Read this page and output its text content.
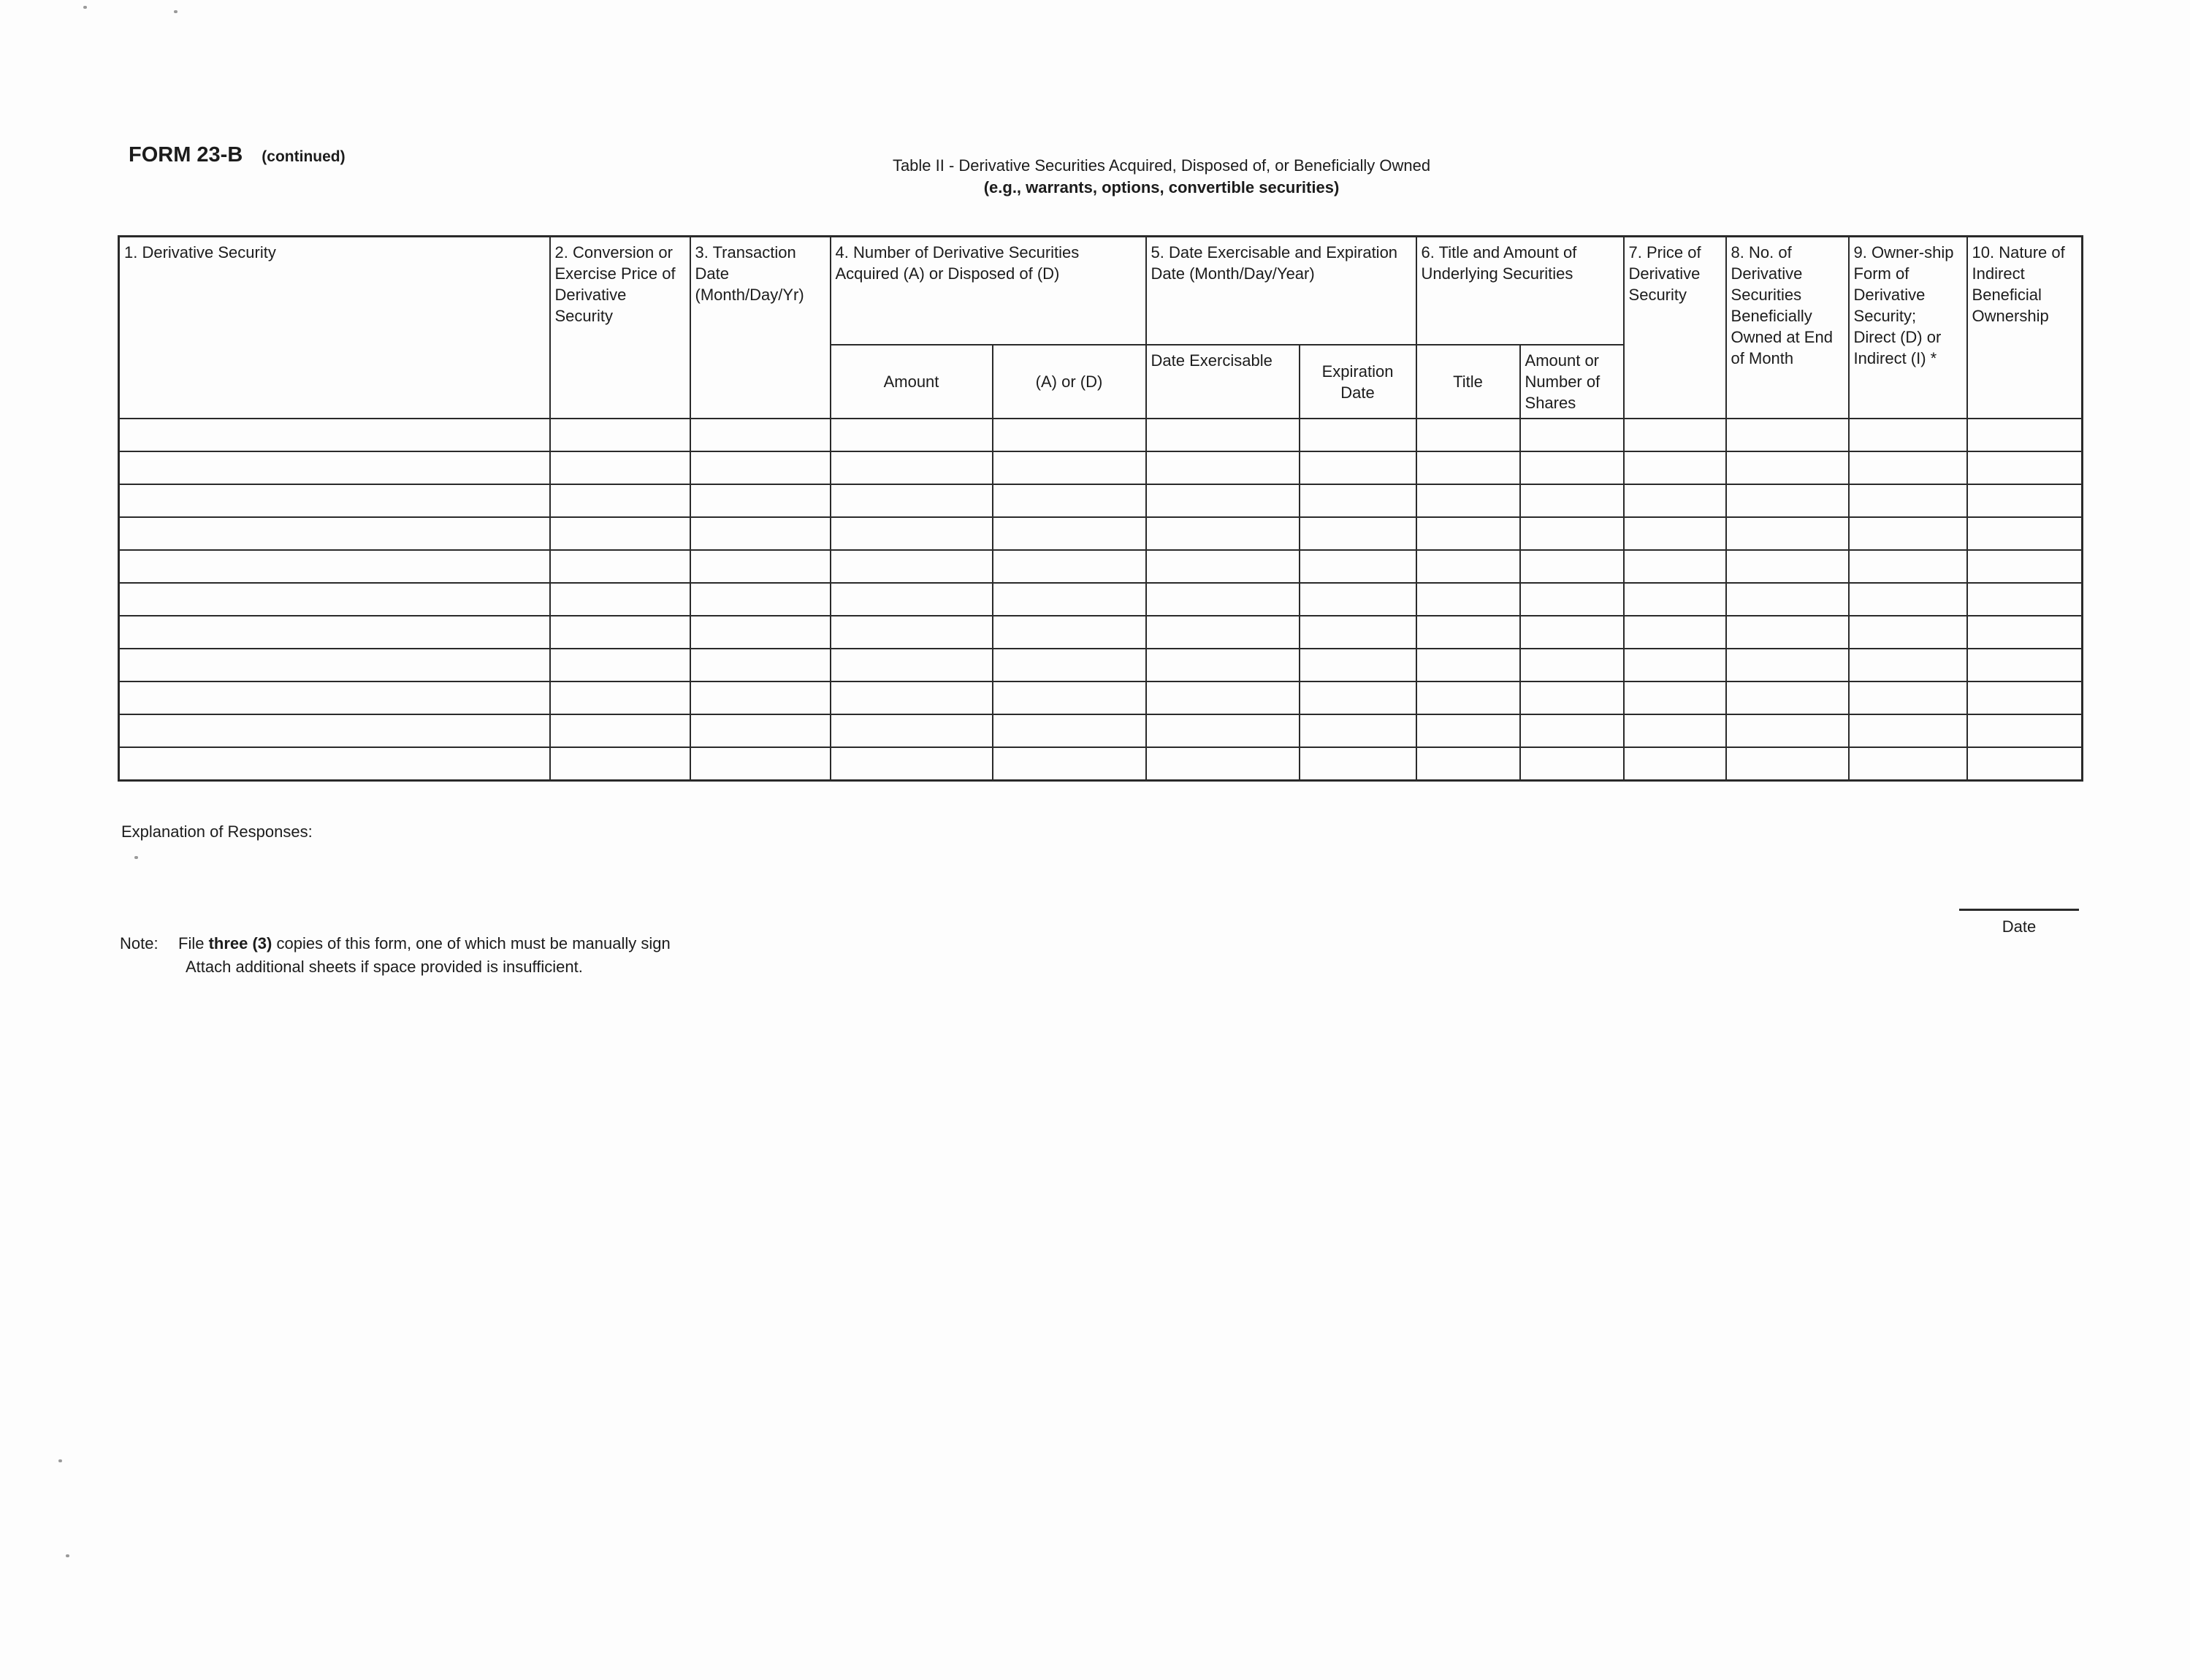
FORM 23-B (continued)	Table II - Derivative Securities Acquired, Disposed of, or Beneficially Owned
(e.g., warrants, options, convertible securities)
1. Derivative Security	2. Conversion or Exercise Price of Derivative Security	3. Transaction Date (Month/Day/Yr)	4. Number of Derivative Securities Acquired (A) or Disposed of (D)		5. Date Exercisable and Expiration Date (Month/Day/Year)		6. Title and Amount of Underlying Securities		7. Price of Derivative Security	8. No. of Derivative Securities Beneficially Owned at End of Month	9. Owner-ship Form of Derivative Security; Direct (D) or Indirect (I) *	10. Nature of Indirect Beneficial Ownership
			Amount	(A) or (D)	Date Exercisable	Expiration Date	Title	Amount or Number of Shares				

Explanation of Responses:
Note: File three (3) copies of this form, one of which must be manually sign
Attach additional sheets if space provided is insufficient.
Date
